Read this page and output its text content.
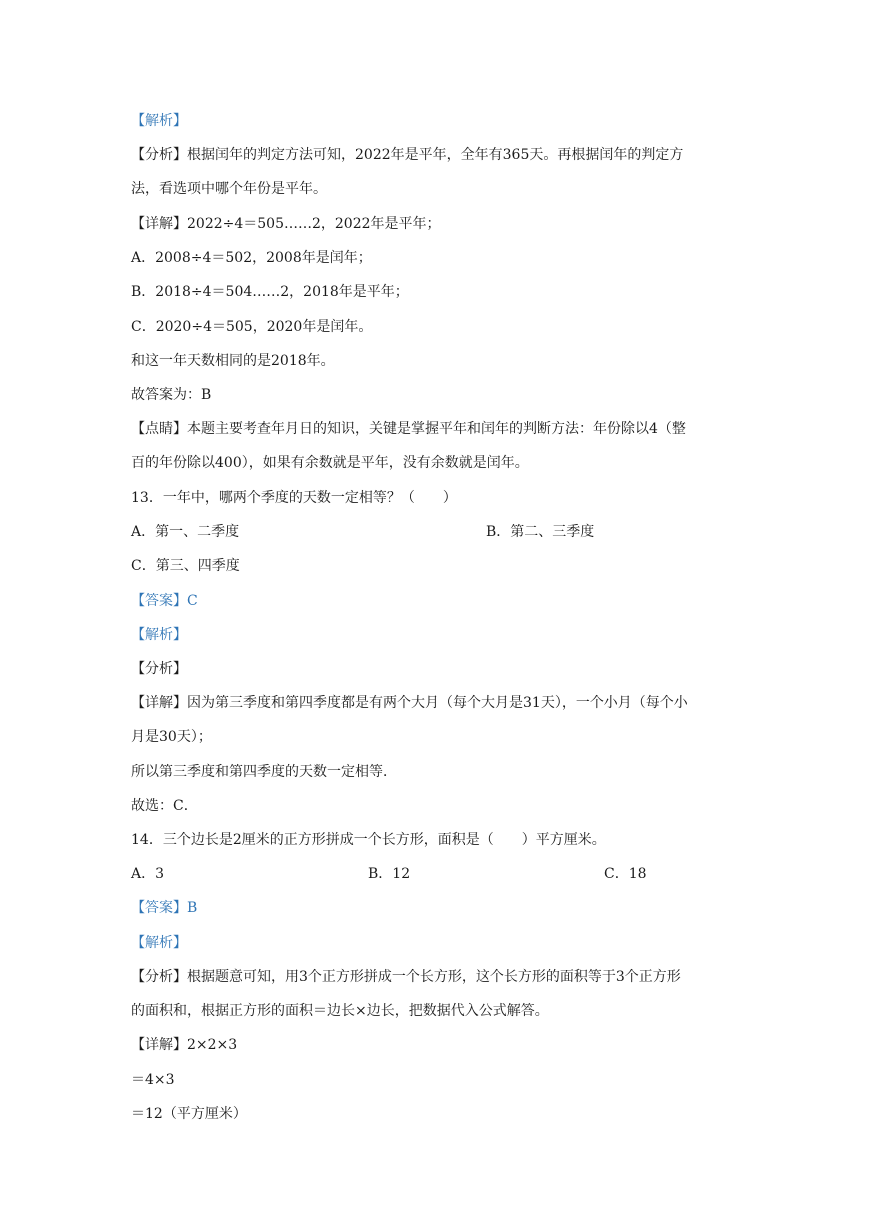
【解析】
【分析】根据闰年的判定方法可知，2022年是平年，全年有365天。再根据闰年的判定方
法，看选项中哪个年份是平年。
【详解】2022÷4＝505……2，2022年是平年；
A．2008÷4＝502，2008年是闰年；
B．2018÷4＝504……2，2018年是平年；
C．2020÷4＝505，2020年是闰年。
和这一年天数相同的是2018年。
故答案为：B
【点睛】本题主要考查年月日的知识，关键是掌握平年和闰年的判断方法：年份除以4（整
百的年份除以400），如果有余数就是平年，没有余数就是闰年。
13．一年中，哪两个季度的天数一定相等？（　　）
A．第一、二季度	B．第二、三季度
C．第三、四季度
【答案】C
【解析】
【分析】
【详解】因为第三季度和第四季度都是有两个大月（每个大月是31天），一个小月（每个小
月是30天）；
所以第三季度和第四季度的天数一定相等．
故选：C．
14．三个边长是2厘米的正方形拼成一个长方形，面积是（　　）平方厘米。
A．3	B．12	C．18
【答案】B
【解析】
【分析】根据题意可知，用3个正方形拼成一个长方形，这个长方形的面积等于3个正方形
的面积和，根据正方形的面积＝边长×边长，把数据代入公式解答。
【详解】2×2×3
＝4×3
＝12（平方厘米）
